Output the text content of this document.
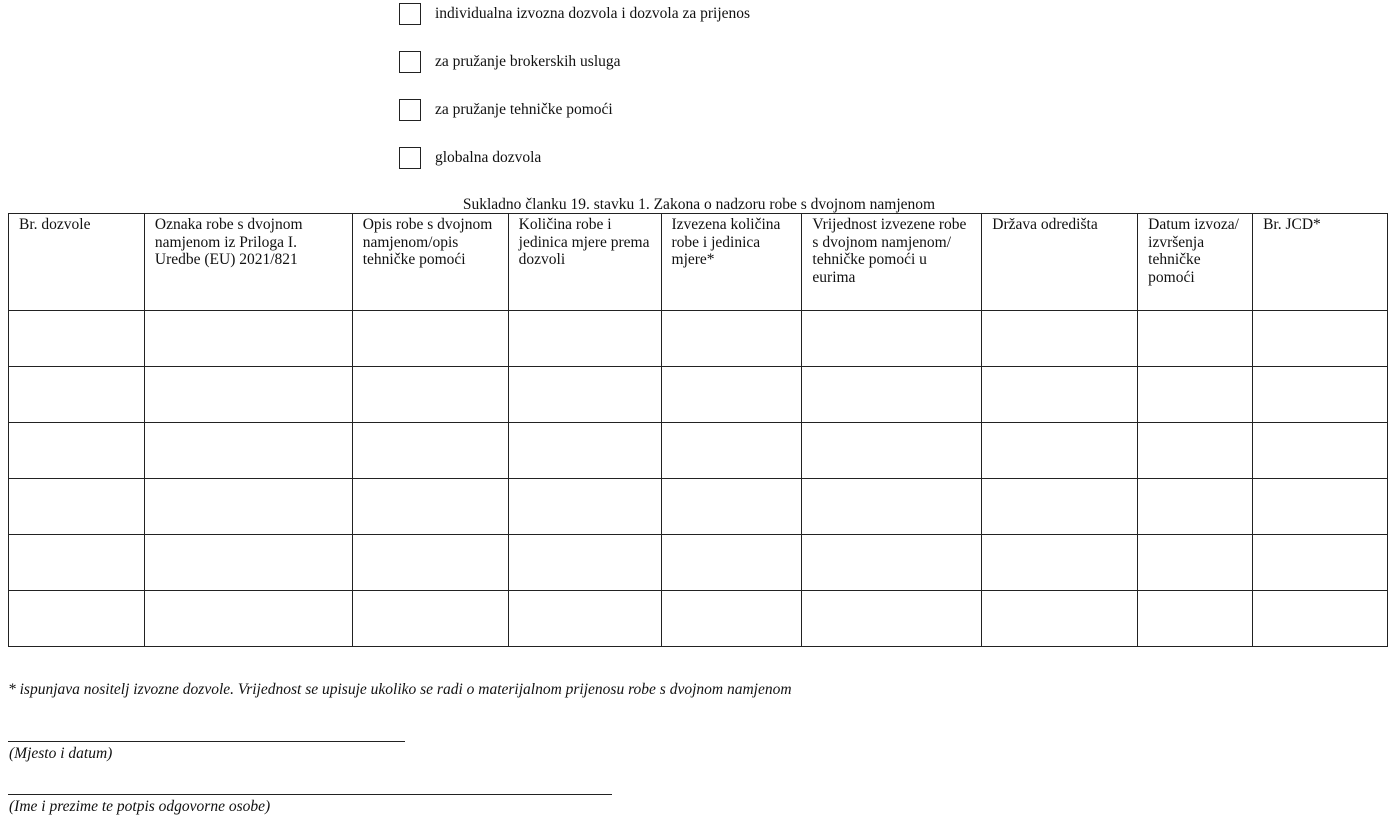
individualna izvozna dozvola i dozvola za prijenos
za pružanje brokerskih usluga
za pružanje tehničke pomoći
globalna dozvola
Sukladno članku 19. stavku 1. Zakona o nadzoru robe s dvojnom namjenom
Br. dozvole	Oznaka robe s dvojnom namjenom iz Priloga I. Uredbe (EU) 2021/821	Opis robe s dvojnom namjenom/opis tehničke pomoći	Količina robe i jedinica mjere prema dozvoli	Izvezena količina robe i jedinica mjere*	Vrijednost izvezene robe s dvojnom namjenom/ tehničke pomoći u eurima	Država odredišta	Datum izvoza/ izvršenja tehničke pomoći	Br. JCD*

* ispunjava nositelj izvozne dozvole. Vrijednost se upisuje ukoliko se radi o materijalnom prijenosu robe s dvojnom namjenom
(Mjesto i datum)
(Ime i prezime te potpis odgovorne osobe)
